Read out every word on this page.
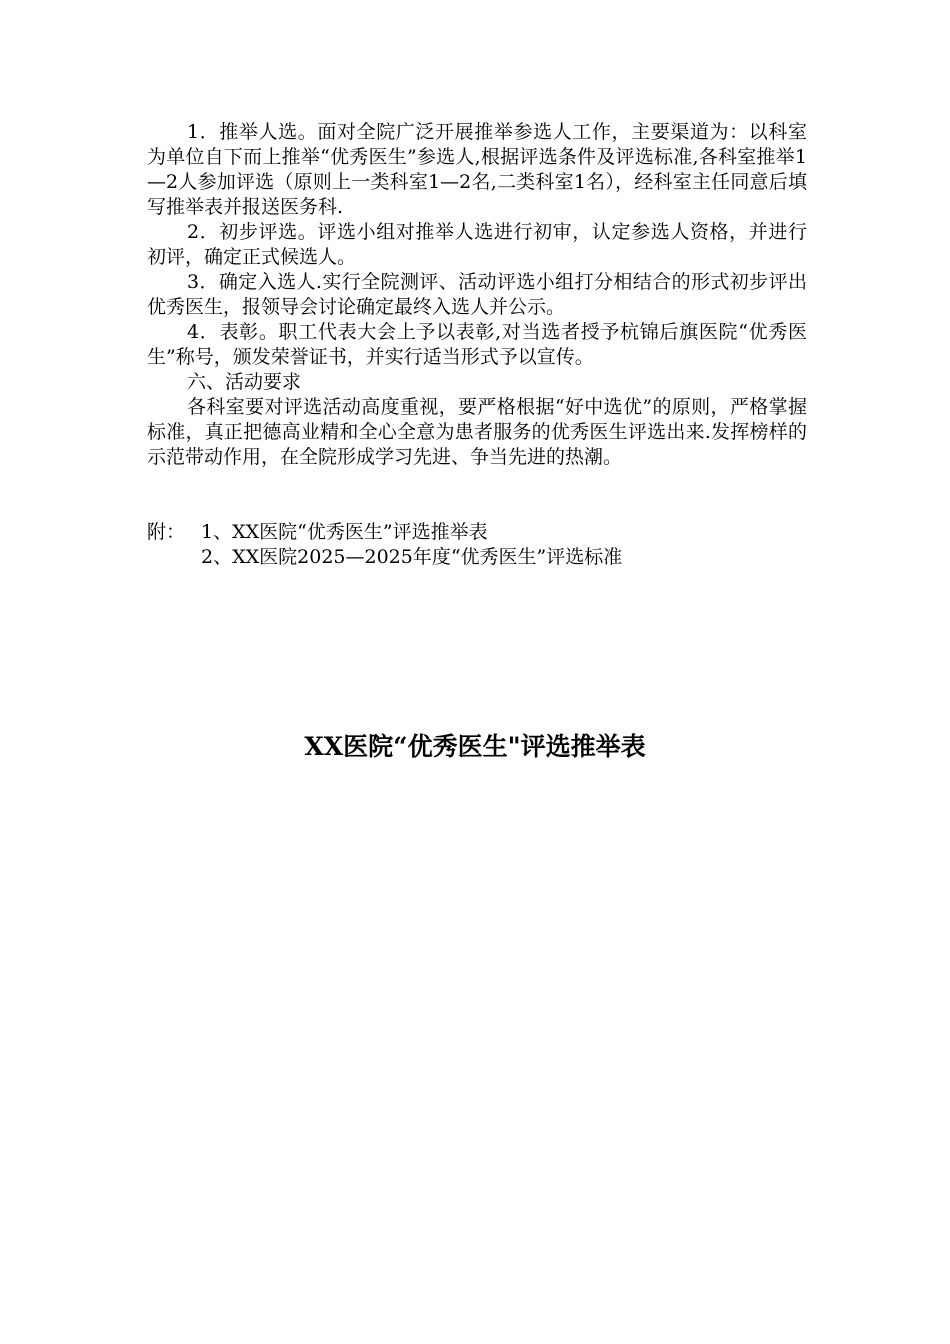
1．推举人选。面对全院广泛开展推举参选人工作，主要渠道为：以科室为单位自下而上推举“优秀医生”参选人,根据评选条件及评选标准,各科室推举1—2人参加评选（原则上一类科室1—2名,二类科室1名），经科室主任同意后填写推举表并报送医务科.

2．初步评选。评选小组对推举人选进行初审，认定参选人资格，并进行初评，确定正式候选人。

3．确定入选人.实行全院测评、活动评选小组打分相结合的形式初步评出优秀医生，报领导会讨论确定最终入选人并公示。

4．表彰。职工代表大会上予以表彰,对当选者授予杭锦后旗医院“优秀医生”称号，颁发荣誉证书，并实行适当形式予以宣传。

六、活动要求

各科室要对评选活动高度重视，要严格根据“好中选优”的原则，严格掌握标准，真正把德高业精和全心全意为患者服务的优秀医生评选出来.发挥榜样的示范带动作用，在全院形成学习先进、争当先进的热潮。

附： 1、XX医院“优秀医生”评选推举表
2、XX医院2025—2025年度“优秀医生”评选标准
XX医院“优秀医生"评选推举表
